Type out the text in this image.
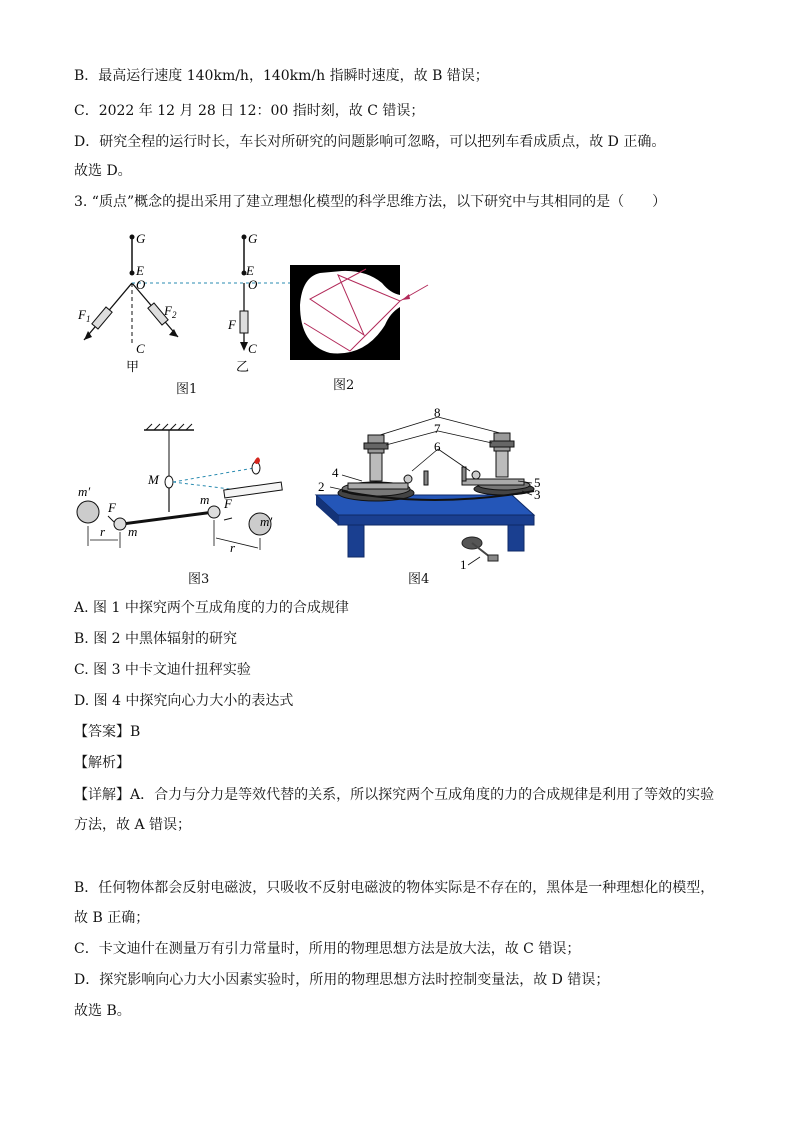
B．最高运行速度 140km/h，140km/h 指瞬时速度，故 B 错误；
C．2022 年 12 月 28 日 12：00 指时刻，故 C 错误；
D．研究全程的运行时长，车长对所研究的问题影响可忽略，可以把列车看成质点，故 D 正确。
故选 D。
3. “质点”概念的提出采用了建立理想化模型的科学思维方法，以下研究中与其相同的是（　　）
G
E
O
$F_1$
$F_2$
C
甲
G
E
O
F
C
乙
图1	图2
M
m′
F
m
m F
m′
r
r
图3
1
2
3
4
5
6
7
8
图4
A. 图 1 中探究两个互成角度的力的合成规律
B. 图 2 中黑体辐射的研究
C. 图 3 中卡文迪什扭秤实验
D. 图 4 中探究向心力大小的表达式
【答案】B
【解析】
【详解】A．合力与分力是等效代替的关系，所以探究两个互成角度的力的合成规律是利用了等效的实验
方法，故 A 错误；
B．任何物体都会反射电磁波，只吸收不反射电磁波的物体实际是不存在的，黑体是一种理想化的模型，
故 B 正确；
C．卡文迪什在测量万有引力常量时，所用的物理思想方法是放大法，故 C 错误；
D．探究影响向心力大小因素实验时，所用的物理思想方法时控制变量法，故 D 错误；
故选 B。
